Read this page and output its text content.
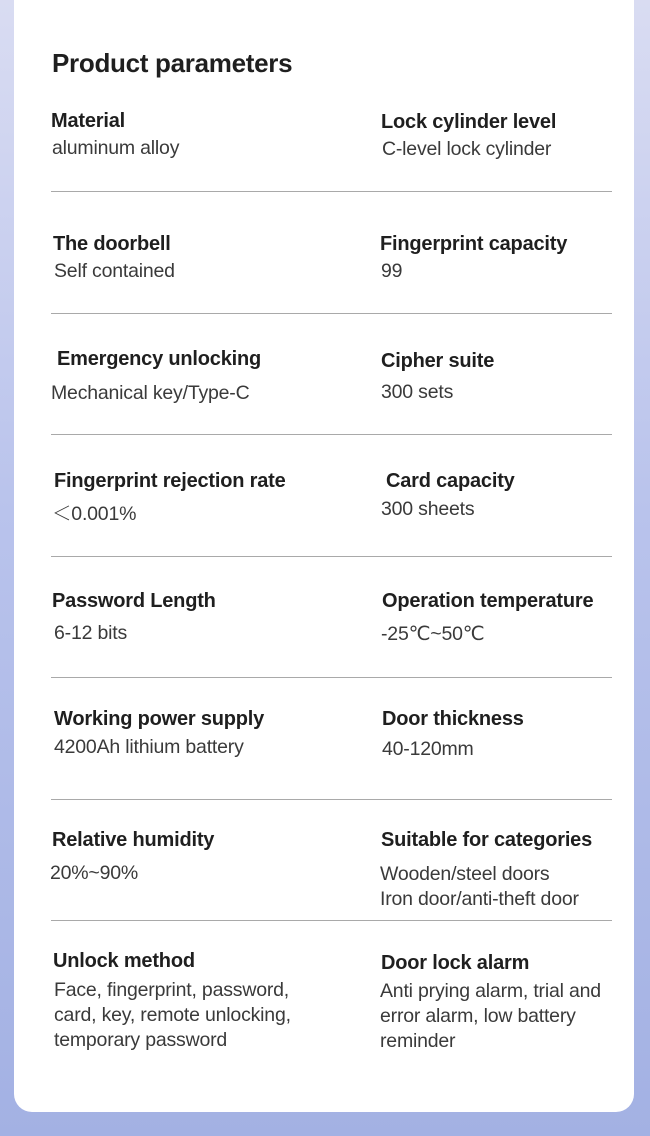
Product parameters
Material
aluminum alloy
Lock cylinder level
C-level lock cylinder
The doorbell
Self contained
Fingerprint capacity
99
Emergency unlocking
Mechanical key/Type-C
Cipher suite
300 sets
Fingerprint rejection rate
＜0.001%
Card capacity
300 sheets
Password Length
6-12 bits
Operation temperature
-25℃~50℃
Working power supply
4200Ah lithium battery
Door thickness
40-120mm
Relative humidity
20%~90%
Suitable for categories
Wooden/steel doors
Iron door/anti-theft door
Unlock method
Face, fingerprint, password,
card, key, remote unlocking,
temporary password
Door lock alarm
Anti prying alarm, trial and
error alarm, low battery
reminder
